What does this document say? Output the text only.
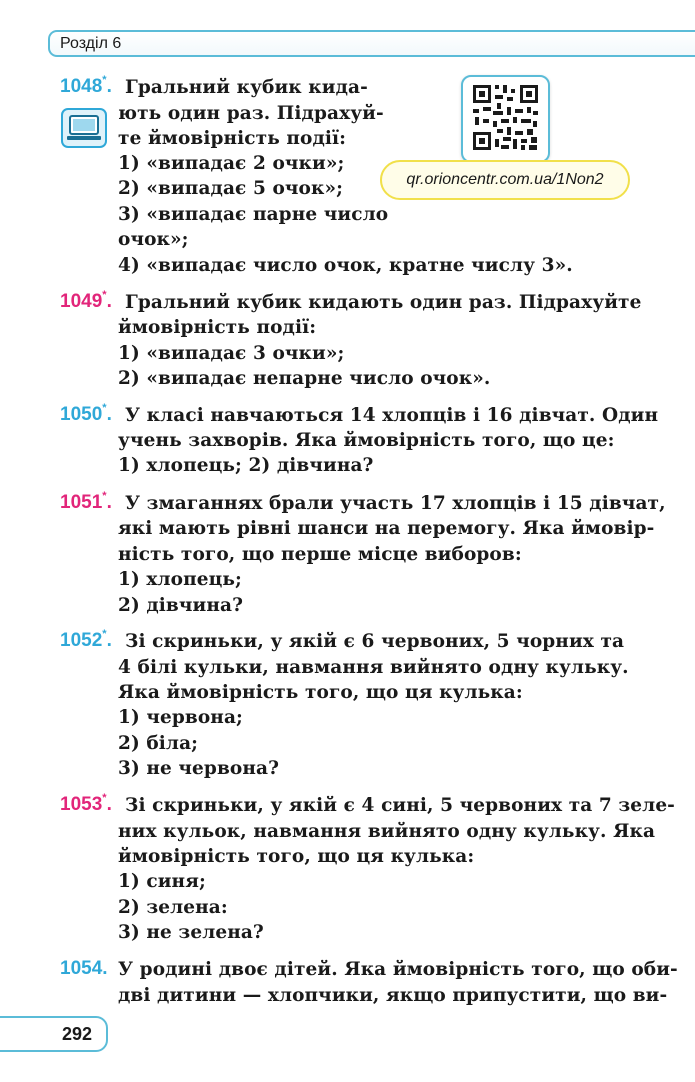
Розділ 6
qr.orioncentr.com.ua/1Non2
1048*. Гральний кубик кида-
ють один раз. Підрахуй-
те ймовірність події:
1) «випадає 2 очки»;
2) «випадає 5 очок»;
3) «випадає парне число
очок»;
4) «випадає число очок, кратне числу 3».
1049*. Гральний кубик кидають один раз. Підрахуйте
ймовірність події:
1) «випадає 3 очки»;
2) «випадає непарне число очок».
1050*. У класі навчаються 14 хлопців і 16 дівчат. Один
учень захворів. Яка ймовірність того, що це:
1) хлопець; 2) дівчина?
1051*. У змаганнях брали участь 17 хлопців і 15 дівчат,
які мають рівні шанси на перемогу. Яка ймовір-
ність того, що перше місце виборов:
1) хлопець;
2) дівчина?
1052*. Зі скриньки, у якій є 6 червоних, 5 чорних та
4 білі кульки, навмання вийнято одну кульку.
Яка ймовірність того, що ця кулька:
1) червона;
2) біла;
3) не червона?
1053*. Зі скриньки, у якій є 4 сині, 5 червоних та 7 зеле-
них кульок, навмання вийнято одну кульку. Яка
ймовірність того, що ця кулька:
1) синя;
2) зелена:
3) не зелена?
1054. У родині двоє дітей. Яка ймовірність того, що оби-
дві дитини — хлопчики, якщо припустити, що ви-
292
